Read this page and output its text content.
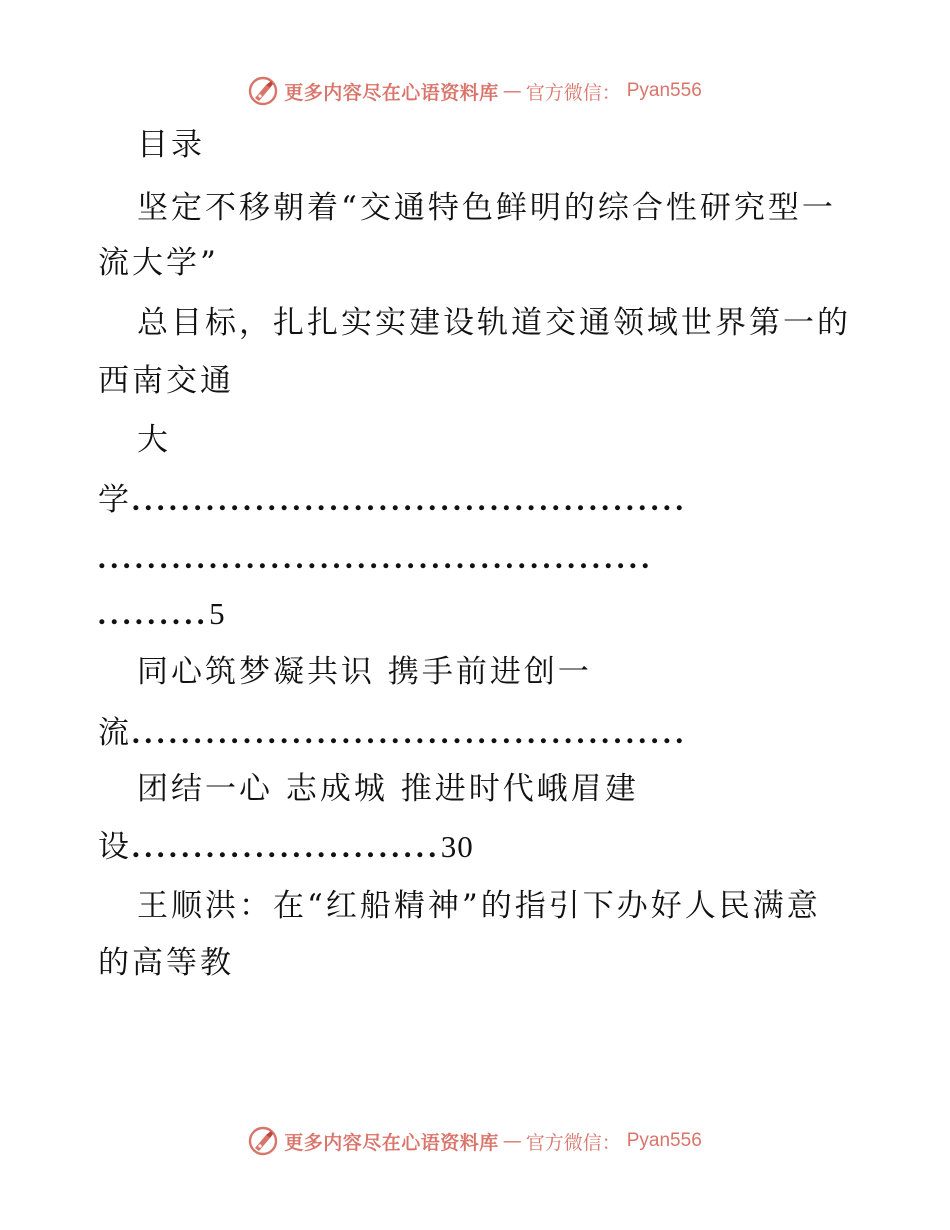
更多内容尽在心语资料库 — 官方微信： Pyan556
目录
坚定不移朝着“交通特色鲜明的综合性研究型一
流大学”
总目标，扎扎实实建设轨道交通领域世界第一的
西南交通
大
学.............................................
.............................................
.........5
同心筑梦凝共识 携手前进创一
流.............................................
团结一心 志成城 推进时代峨眉建
设.........................30
王顺洪：在“红船精神”的指引下办好人民满意
的高等教
更多内容尽在心语资料库 — 官方微信： Pyan556
